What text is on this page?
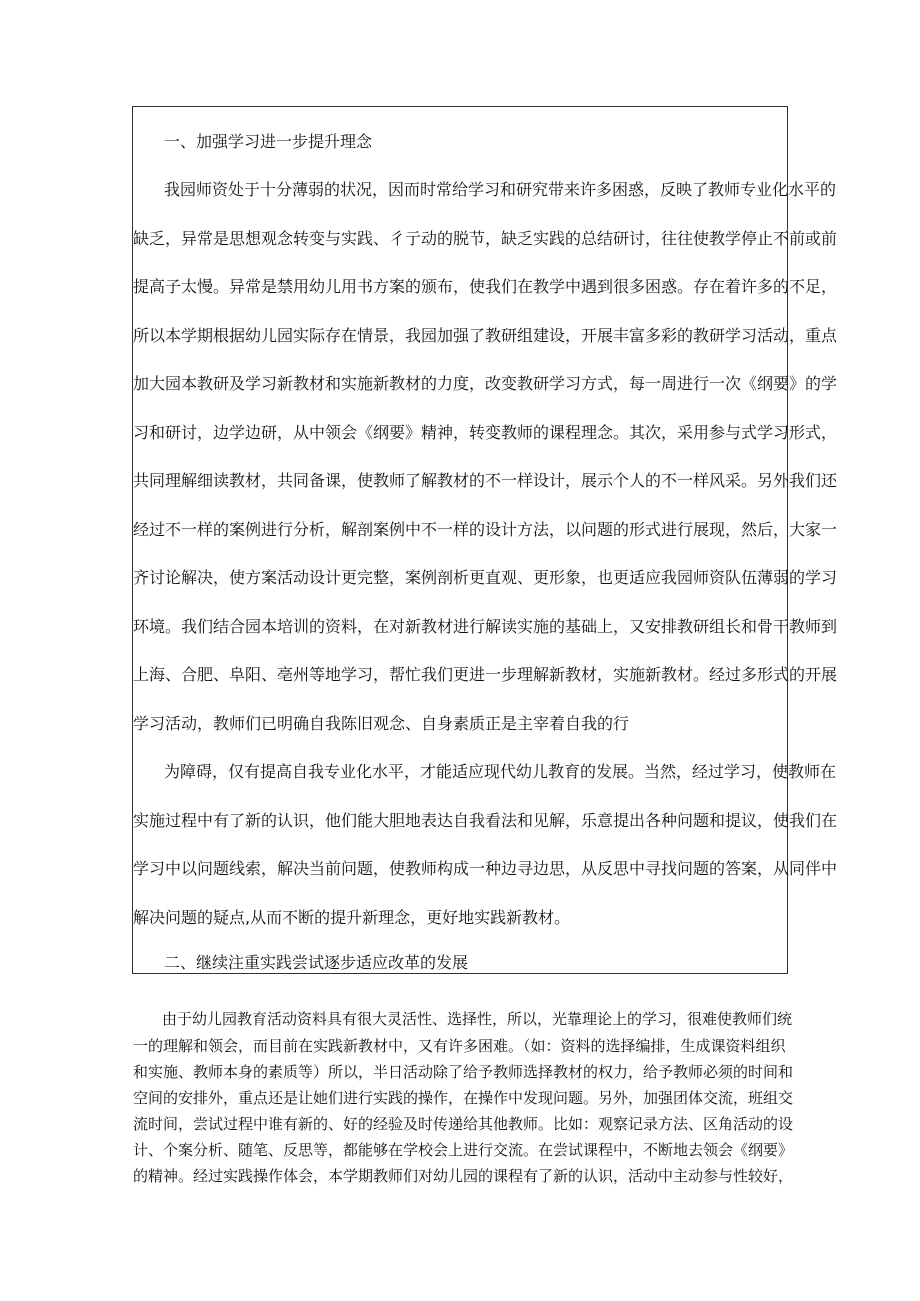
一、加强学习进一步提升理念
我园师资处于十分薄弱的状况，因而时常给学习和研究带来许多困惑，反映了教师专业化水平的
缺乏，异常是思想观念转变与实践、彳亍动的脱节，缺乏实践的总结研讨，往往使教学停止不前或前
提高子太慢。异常是禁用幼儿用书方案的颁布，使我们在教学中遇到很多困惑。存在着许多的不足，
所以本学期根据幼儿园实际存在情景，我园加强了教研组建设，开展丰富多彩的教研学习活动，重点
加大园本教研及学习新教材和实施新教材的力度，改变教研学习方式，每一周进行一次《纲要》的学
习和研讨，边学边研，从中领会《纲要》精神，转变教师的课程理念。其次，采用参与式学习形式，
共同理解细读教材，共同备课，使教师了解教材的不一样设计，展示个人的不一样风采。另外我们还
经过不一样的案例进行分析，解剖案例中不一样的设计方法，以问题的形式进行展现，然后，大家一
齐讨论解决，使方案活动设计更完整，案例剖析更直观、更形象，也更适应我园师资队伍薄弱的学习
环境。我们结合园本培训的资料，在对新教材进行解读实施的基础上，又安排教研组长和骨干教师到
上海、合肥、阜阳、亳州等地学习，帮忙我们更进一步理解新教材，实施新教材。经过多形式的开展
学习活动，教师们已明确自我陈旧观念、自身素质正是主宰着自我的行
为障碍，仅有提高自我专业化水平，才能适应现代幼儿教育的发展。当然，经过学习，使教师在
实施过程中有了新的认识，他们能大胆地表达自我看法和见解，乐意提出各种问题和提议，使我们在
学习中以问题线索，解决当前问题，使教师构成一种边寻边思，从反思中寻找问题的答案，从同伴中
解决问题的疑点,从而不断的提升新理念，更好地实践新教材。
二、继续注重实践尝试逐步适应改革的发展
由于幼儿园教育活动资料具有很大灵活性、选择性，所以，光靠理论上的学习，很难使教师们统
一的理解和领会，而目前在实践新教材中，又有许多困难。（如：资料的选择编排，生成课资料组织
和实施、教师本身的素质等）所以，半日活动除了给予教师选择教材的权力，给予教师必须的时间和
空间的安排外，重点还是让她们进行实践的操作，在操作中发现问题。另外，加强团体交流，班组交
流时间，尝试过程中谁有新的、好的经验及时传递给其他教师。比如：观察记录方法、区角活动的设
计、个案分析、随笔、反思等，都能够在学校会上进行交流。在尝试课程中，不断地去领会《纲要》
的精神。经过实践操作体会，本学期教师们对幼儿园的课程有了新的认识，活动中主动参与性较好，
